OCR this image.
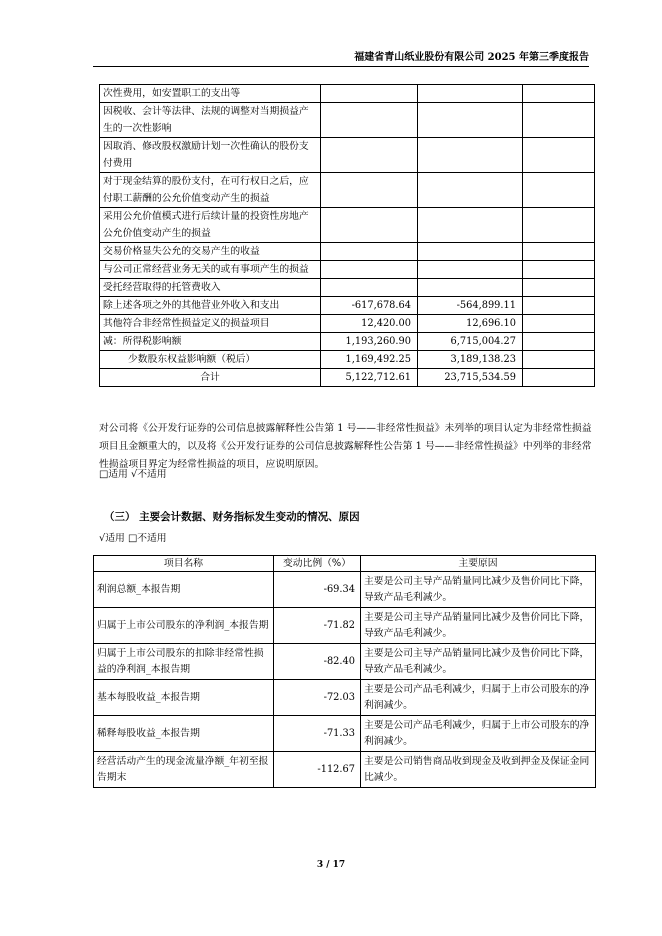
福建省青山纸业股份有限公司 2025 年第三季度报告
次性费用，如安置职工的支出等			
因税收、会计等法律、法规的调整对当期损益产生的一次性影响			
因取消、修改股权激励计划一次性确认的股份支付费用			
对于现金结算的股份支付，在可行权日之后，应付职工薪酬的公允价值变动产生的损益			
采用公允价值模式进行后续计量的投资性房地产公允价值变动产生的损益			
交易价格显失公允的交易产生的收益			
与公司正常经营业务无关的或有事项产生的损益			
受托经营取得的托管费收入			
除上述各项之外的其他营业外收入和支出	-617,678.64	-564,899.11	
其他符合非经常性损益定义的损益项目	12,420.00	12,696.10	
减：所得税影响额	1,193,260.90	6,715,004.27	
少数股东权益影响额（税后）	1,169,492.25	3,189,138.23	
合计	5,122,712.61	23,715,534.59	
对公司将《公开发行证券的公司信息披露解释性公告第 1 号——非经常性损益》未列举的项目认定为非经常性损益项目且金额重大的，以及将《公开发行证券的公司信息披露解释性公告第 1 号——非经常性损益》中列举的非经常性损益项目界定为经常性损益的项目，应说明原因。
□适用 √不适用
（三） 主要会计数据、财务指标发生变动的情况、原因
√适用 □不适用
项目名称	变动比例（%）	主要原因
利润总额_本报告期	-69.34	主要是公司主导产品销量同比减少及售价同比下降，导致产品毛利减少。
归属于上市公司股东的净利润_本报告期	-71.82	主要是公司主导产品销量同比减少及售价同比下降，导致产品毛利减少。
归属于上市公司股东的扣除非经常性损益的净利润_本报告期	-82.40	主要是公司主导产品销量同比减少及售价同比下降，导致产品毛利减少。
基本每股收益_本报告期	-72.03	主要是公司产品毛利减少，归属于上市公司股东的净利润减少。
稀释每股收益_本报告期	-71.33	主要是公司产品毛利减少，归属于上市公司股东的净利润减少。
经营活动产生的现金流量净额_年初至报告期末	-112.67	主要是公司销售商品收到现金及收到押金及保证金同比减少。
3 / 17
